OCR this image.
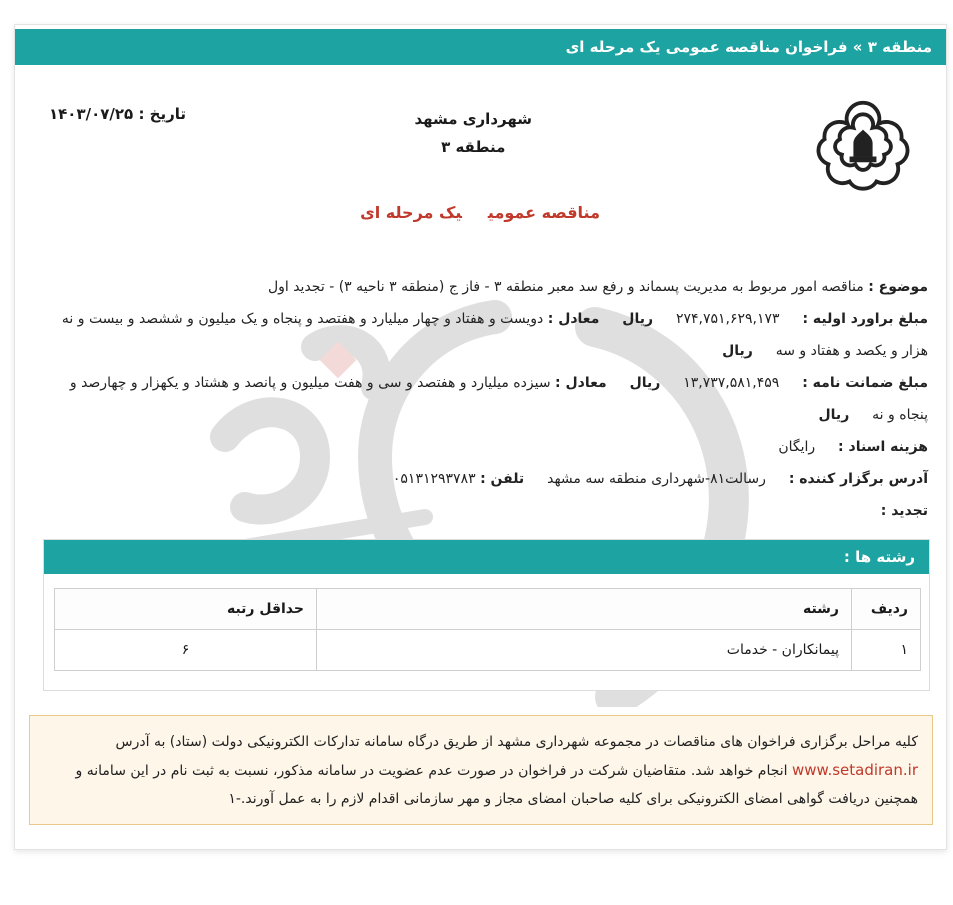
منطقه ۳ » فراخوان مناقصه عمومی یک مرحله ای
شهرداری مشهد
منطقه ۳
تاریخ : ۱۴۰۳/۰۷/۲۵
مناقصه عمومییک مرحله ای
موضوع : مناقصه امور مربوط به مدیریت پسماند و رفع سد معبر منطقه ۳ - فاز ج (منطقه ۳ ناحیه ۳) - تجدید اول
مبلغ براورد اولیه :  ۲۷۴,۷۵۱,۶۲۹,۱۷۳  ریال  معادل : دویست و هفتاد و چهار میلیارد و هفتصد و پنجاه و یک میلیون و ششصد و بیست و نه هزار و یکصد و هفتاد و سه  ریال
مبلغ ضمانت نامه :  ۱۳,۷۳۷,۵۸۱,۴۵۹  ریال  معادل : سیزده میلیارد و هفتصد و سی و هفت میلیون و پانصد و هشتاد و یکهزار و چهارصد و پنجاه و نه  ریال
هزینه اسناد :  رایگان
آدرس برگزار کننده :  رسالت۸۱-شهرداری منطقه سه مشهد  تلفن : ۰۵۱۳۱۲۹۳۷۸۳
تجدید :
رشته ها :
ردیف	رشته	حداقل رتبه
۱	پیمانکاران - خدمات	۶
کلیه مراحل برگزاری فراخوان های مناقصات در مجموعه شهرداری مشهد از طریق درگاه سامانه تدارکات الکترونیکی دولت (ستاد) به آدرس www.setadiran.ir انجام خواهد شد. متقاضیان شرکت در فراخوان در صورت عدم عضویت در سامانه مذکور، نسبت به ثبت نام در این سامانه و همچنین دریافت گواهی امضای الکترونیکی برای کلیه صاحبان امضای مجاز و مهر سازمانی اقدام لازم را به عمل آورند.-۱
